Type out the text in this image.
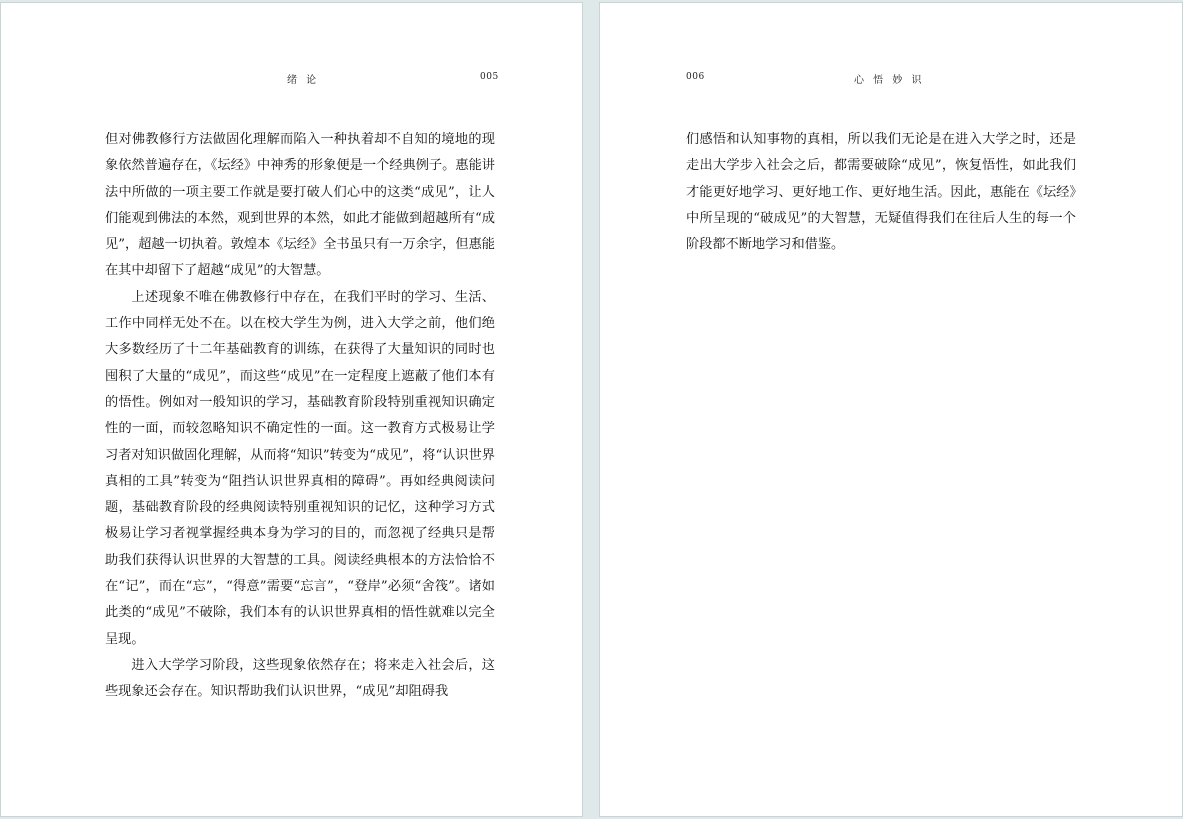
绪 论	005

但对佛教修行方法做固化理解而陷入一种执着却不自知的境地的现象依然普遍存在，《坛经》中神秀的形象便是一个经典例子。惠能讲法中所做的一项主要工作就是要打破人们心中的这类“成见”，让人们能观到佛法的本然，观到世界的本然，如此才能做到超越所有“成见”，超越一切执着。敦煌本《坛经》全书虽只有一万余字，但惠能在其中却留下了超越“成见”的大智慧。

上述现象不唯在佛教修行中存在，在我们平时的学习、生活、工作中同样无处不在。以在校大学生为例，进入大学之前，他们绝大多数经历了十二年基础教育的训练，在获得了大量知识的同时也囤积了大量的“成见”，而这些“成见”在一定程度上遮蔽了他们本有的悟性。例如对一般知识的学习，基础教育阶段特别重视知识确定性的一面，而较忽略知识不确定性的一面。这一教育方式极易让学习者对知识做固化理解，从而将“知识”转变为“成见”，将“认识世界真相的工具”转变为“阻挡认识世界真相的障碍”。再如经典阅读问题，基础教育阶段的经典阅读特别重视知识的记忆，这种学习方式极易让学习者视掌握经典本身为学习的目的，而忽视了经典只是帮助我们获得认识世界的大智慧的工具。阅读经典根本的方法恰恰不在“记”，而在“忘”，“得意”需要“忘言”，“登岸”必须“舍筏”。诸如此类的“成见”不破除，我们本有的认识世界真相的悟性就难以完全呈现。

进入大学学习阶段，这些现象依然存在；将来走入社会后，这些现象还会存在。知识帮助我们认识世界，“成见”却阻碍我

006	心 悟 妙 识

们感悟和认知事物的真相，所以我们无论是在进入大学之时，还是走出大学步入社会之后，都需要破除“成见”，恢复悟性，如此我们才能更好地学习、更好地工作、更好地生活。因此，惠能在《坛经》中所呈现的“破成见”的大智慧，无疑值得我们在往后人生的每一个阶段都不断地学习和借鉴。
